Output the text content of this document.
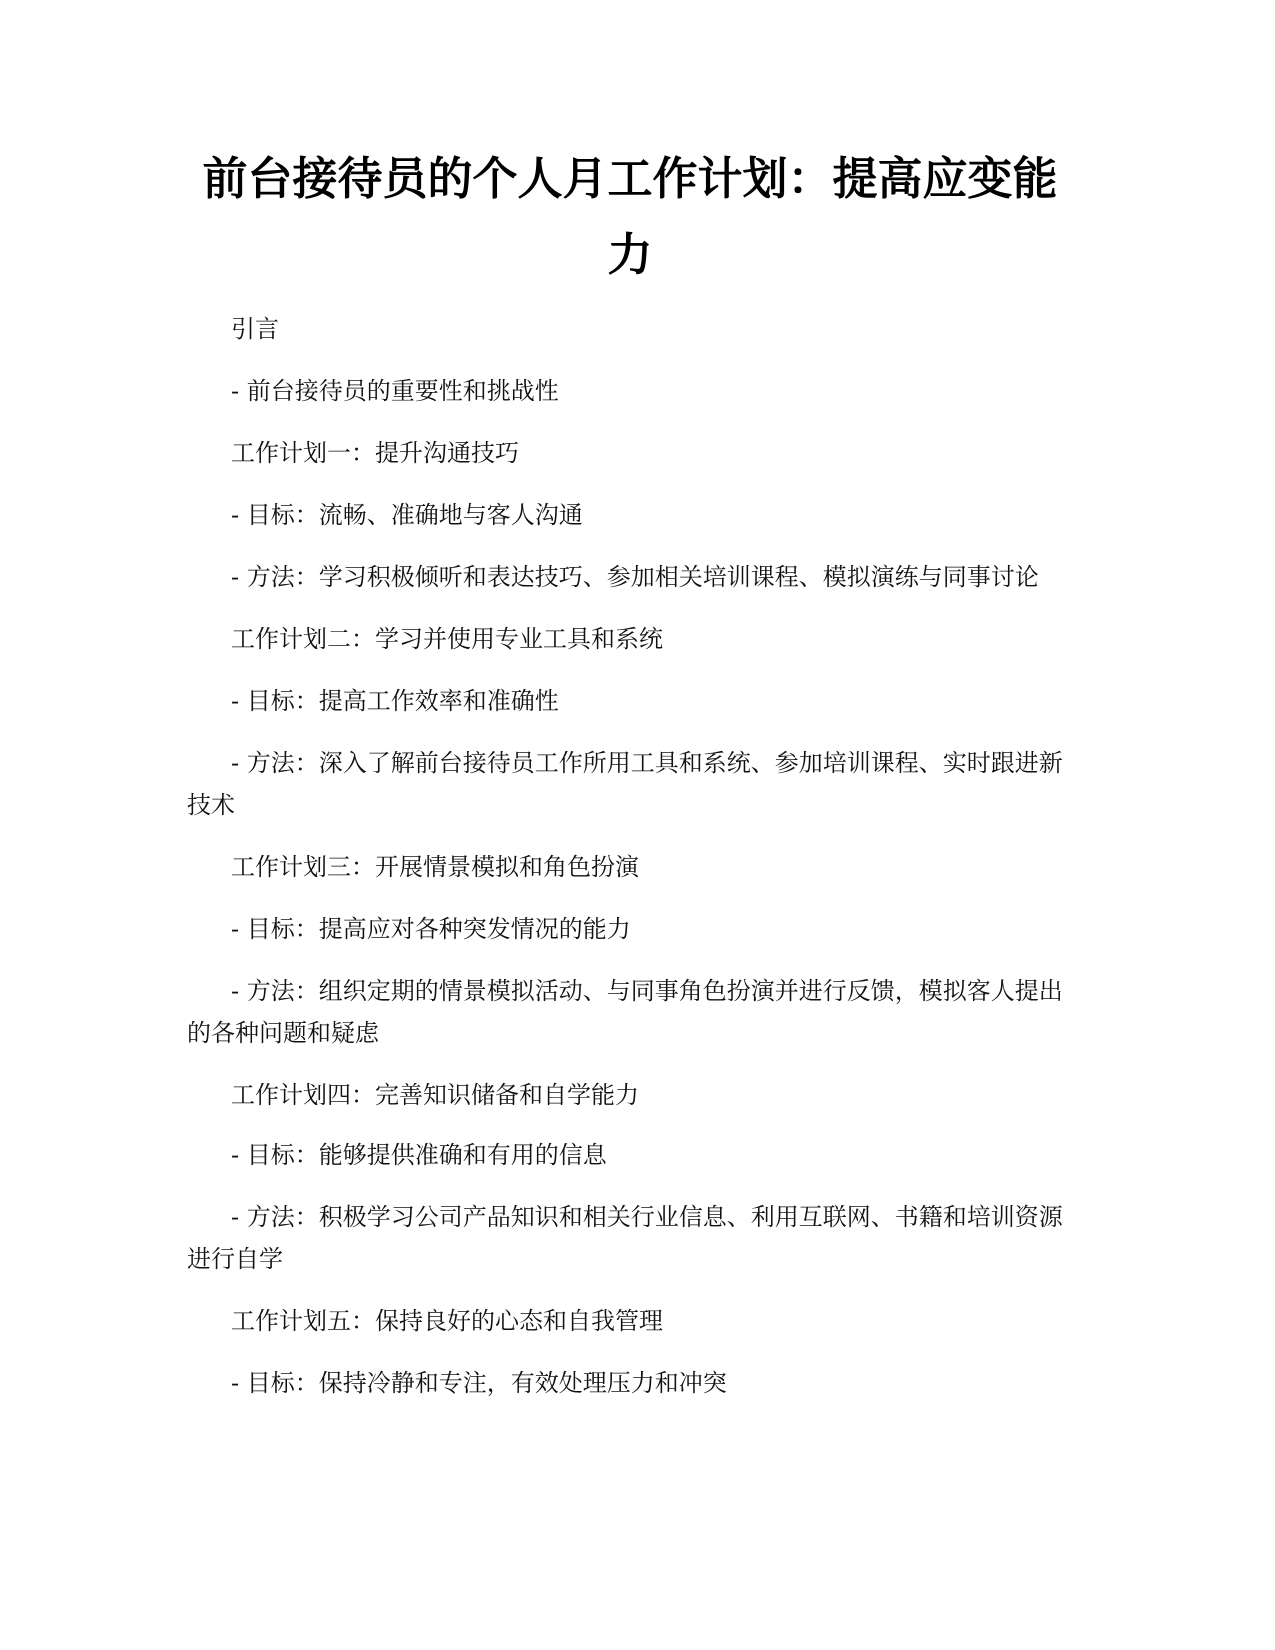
前台接待员的个人月工作计划：提高应变能
力

引言

- 前台接待员的重要性和挑战性

工作计划一：提升沟通技巧

- 目标：流畅、准确地与客人沟通

- 方法：学习积极倾听和表达技巧、参加相关培训课程、模拟演练与同事讨论

工作计划二：学习并使用专业工具和系统

- 目标：提高工作效率和准确性

- 方法：深入了解前台接待员工作所用工具和系统、参加培训课程、实时跟进新技术

工作计划三：开展情景模拟和角色扮演

- 目标：提高应对各种突发情况的能力

- 方法：组织定期的情景模拟活动、与同事角色扮演并进行反馈，模拟客人提出的各种问题和疑虑

工作计划四：完善知识储备和自学能力

- 目标：能够提供准确和有用的信息

- 方法：积极学习公司产品知识和相关行业信息、利用互联网、书籍和培训资源进行自学

工作计划五：保持良好的心态和自我管理

- 目标：保持冷静和专注，有效处理压力和冲突
